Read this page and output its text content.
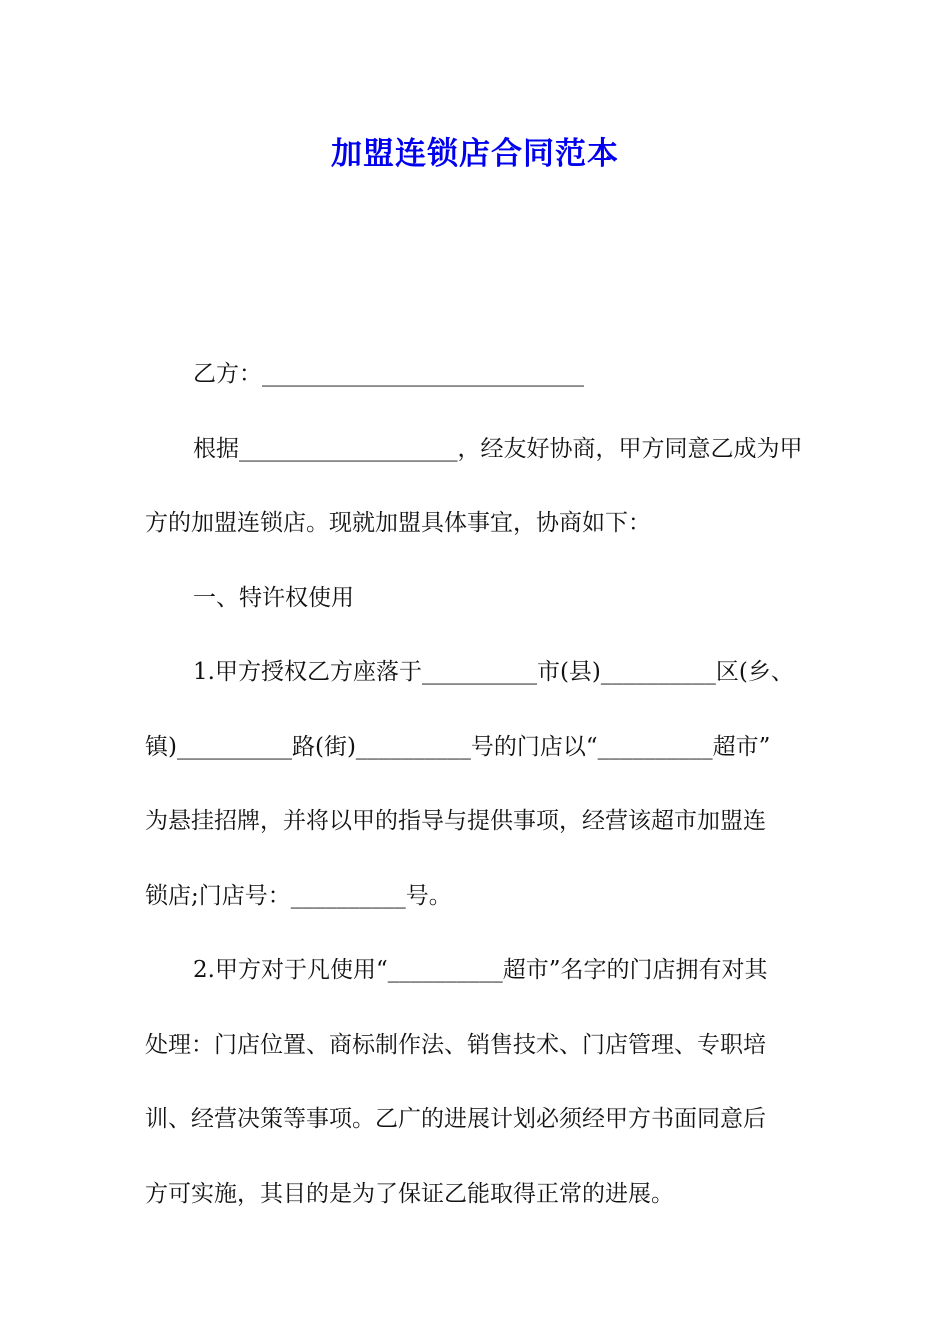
加盟连锁店合同范本
乙方：____________________________
根据___________________，经友好协商，甲方同意乙成为甲
方的加盟连锁店。现就加盟具体事宜，协商如下：
一、特许权使用
1.甲方授权乙方座落于__________市(县)__________区(乡、
镇)__________路(街)__________号的门店以“__________超市”
为悬挂招牌，并将以甲的指导与提供事项，经营该超市加盟连
锁店;门店号：__________号。
2.甲方对于凡使用“__________超市”名字的门店拥有对其
处理：门店位置、商标制作法、销售技术、门店管理、专职培
训、经营决策等事项。乙广的进展计划必须经甲方书面同意后
方可实施，其目的是为了保证乙能取得正常的进展。
